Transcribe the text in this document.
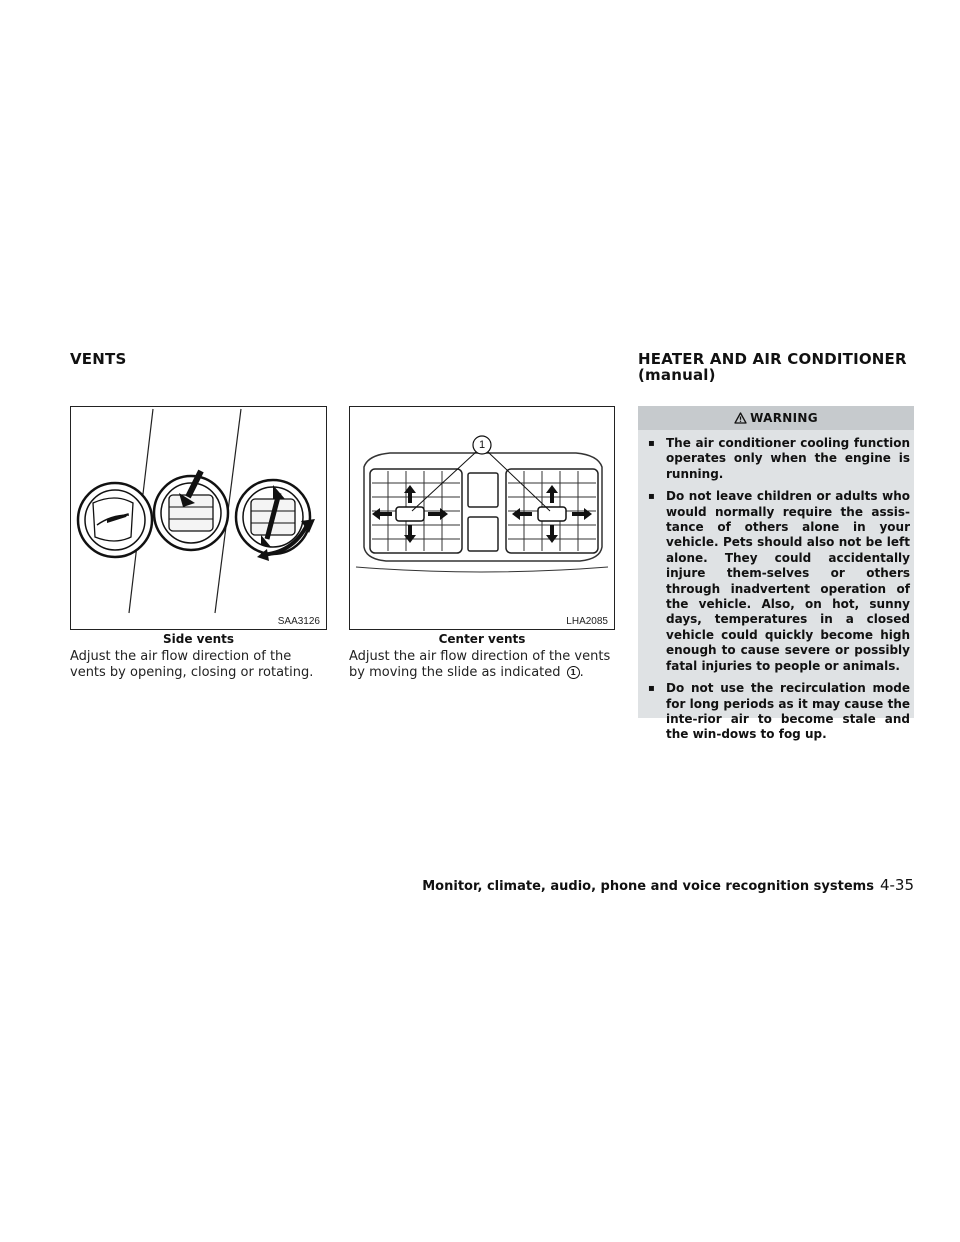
VENTS	HEATER AND AIR CONDITIONER
(manual)
SAA3126
Side vents
Adjust the air flow direction of the vents by opening, closing or rotating.
1
LHA2085
Center vents
Adjust the air flow direction of the vents by moving the slide as indicated 1 .
WARNING
▪ The air conditioner cooling function operates only when the engine is running.
▪ Do not leave children or adults who would normally require the assis-tance of others alone in your vehicle. Pets should also not be left alone. They could accidentally injure them-selves or others through inadvertent operation of the vehicle. Also, on hot, sunny days, temperatures in a closed vehicle could quickly become high enough to cause severe or possibly fatal injuries to people or animals.
▪ Do not use the recirculation mode for long periods as it may cause the inte-rior air to become stale and the win-dows to fog up.
Monitor, climate, audio, phone and voice recognition systems 4-35
